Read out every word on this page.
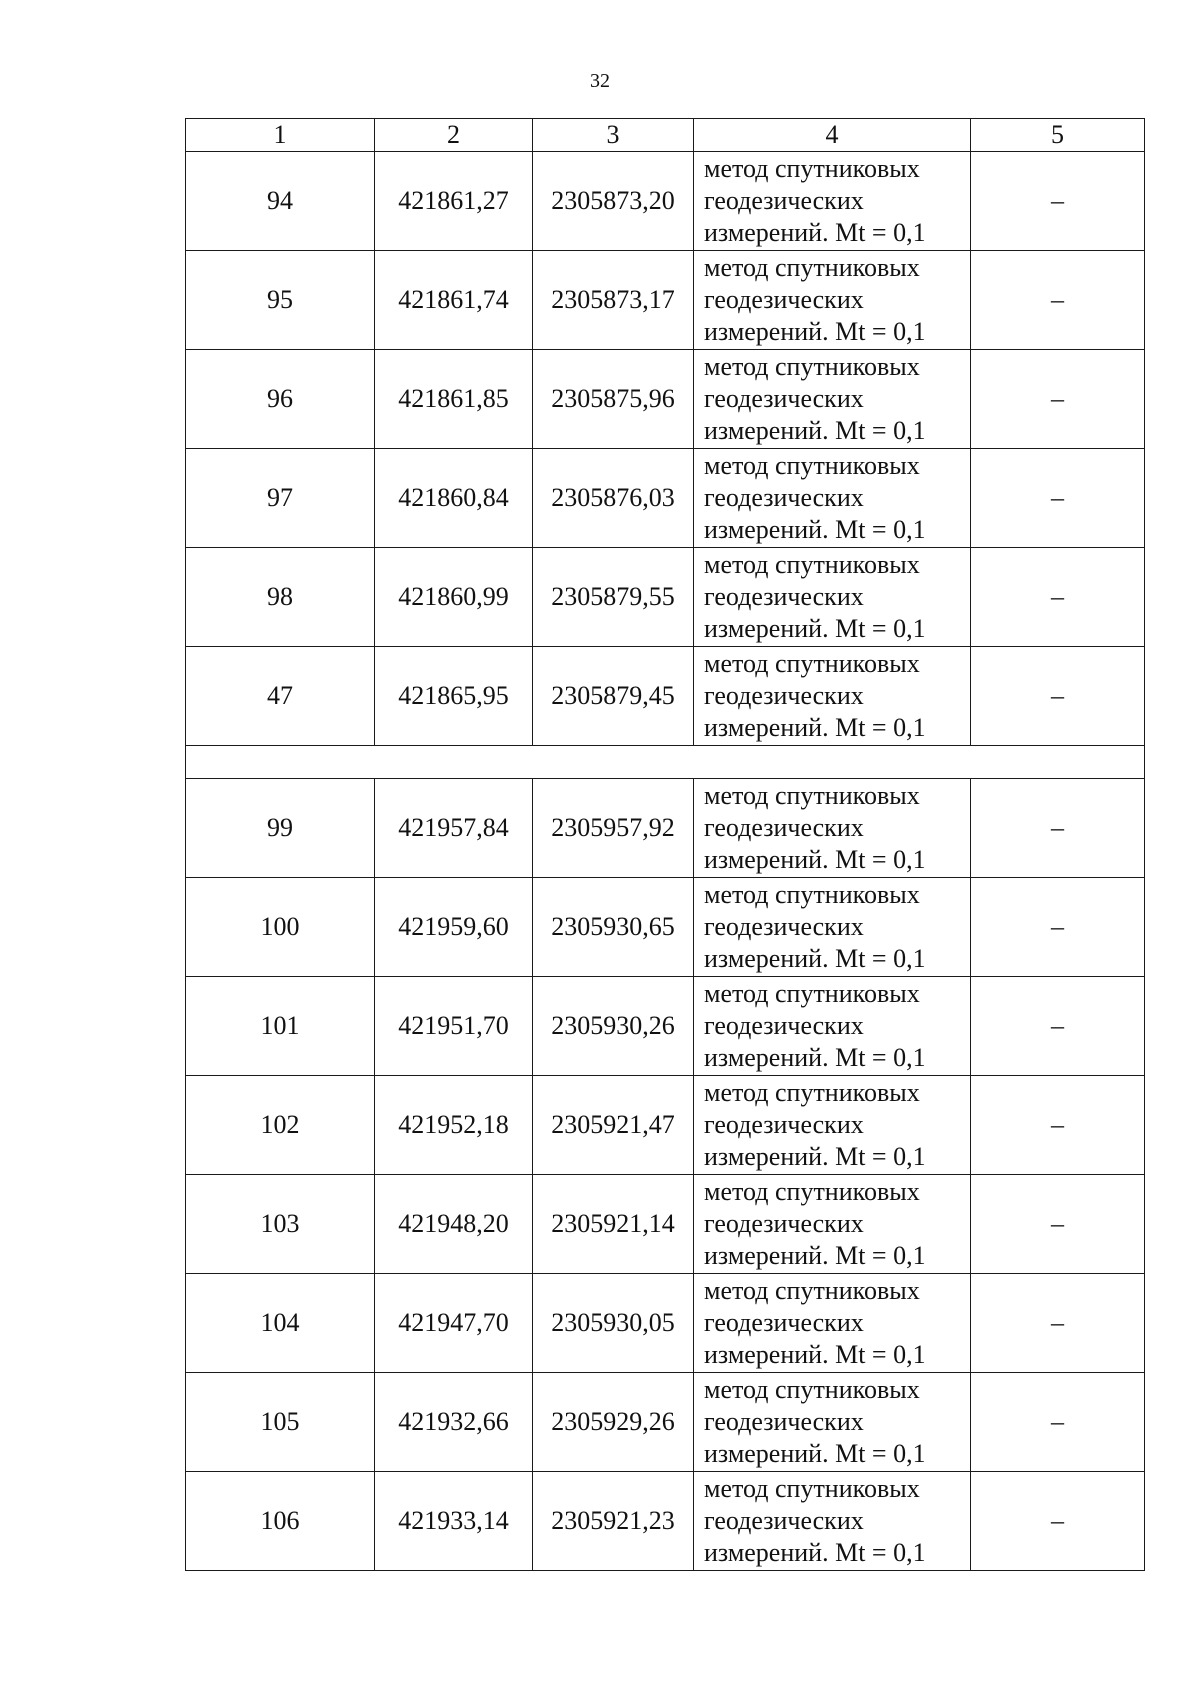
32
1	2	3	4	5
94	421861,27	2305873,20	метод спутниковых
геодезических
измерений. Mt = 0,1	–
95	421861,74	2305873,17	метод спутниковых
геодезических
измерений. Mt = 0,1	–
96	421861,85	2305875,96	метод спутниковых
геодезических
измерений. Mt = 0,1	–
97	421860,84	2305876,03	метод спутниковых
геодезических
измерений. Mt = 0,1	–
98	421860,99	2305879,55	метод спутниковых
геодезических
измерений. Mt = 0,1	–
47	421865,95	2305879,45	метод спутниковых
геодезических
измерений. Mt = 0,1	–

99	421957,84	2305957,92	метод спутниковых
геодезических
измерений. Mt = 0,1	–
100	421959,60	2305930,65	метод спутниковых
геодезических
измерений. Mt = 0,1	–
101	421951,70	2305930,26	метод спутниковых
геодезических
измерений. Mt = 0,1	–
102	421952,18	2305921,47	метод спутниковых
геодезических
измерений. Mt = 0,1	–
103	421948,20	2305921,14	метод спутниковых
геодезических
измерений. Mt = 0,1	–
104	421947,70	2305930,05	метод спутниковых
геодезических
измерений. Mt = 0,1	–
105	421932,66	2305929,26	метод спутниковых
геодезических
измерений. Mt = 0,1	–
106	421933,14	2305921,23	метод спутниковых
геодезических
измерений. Mt = 0,1	–
